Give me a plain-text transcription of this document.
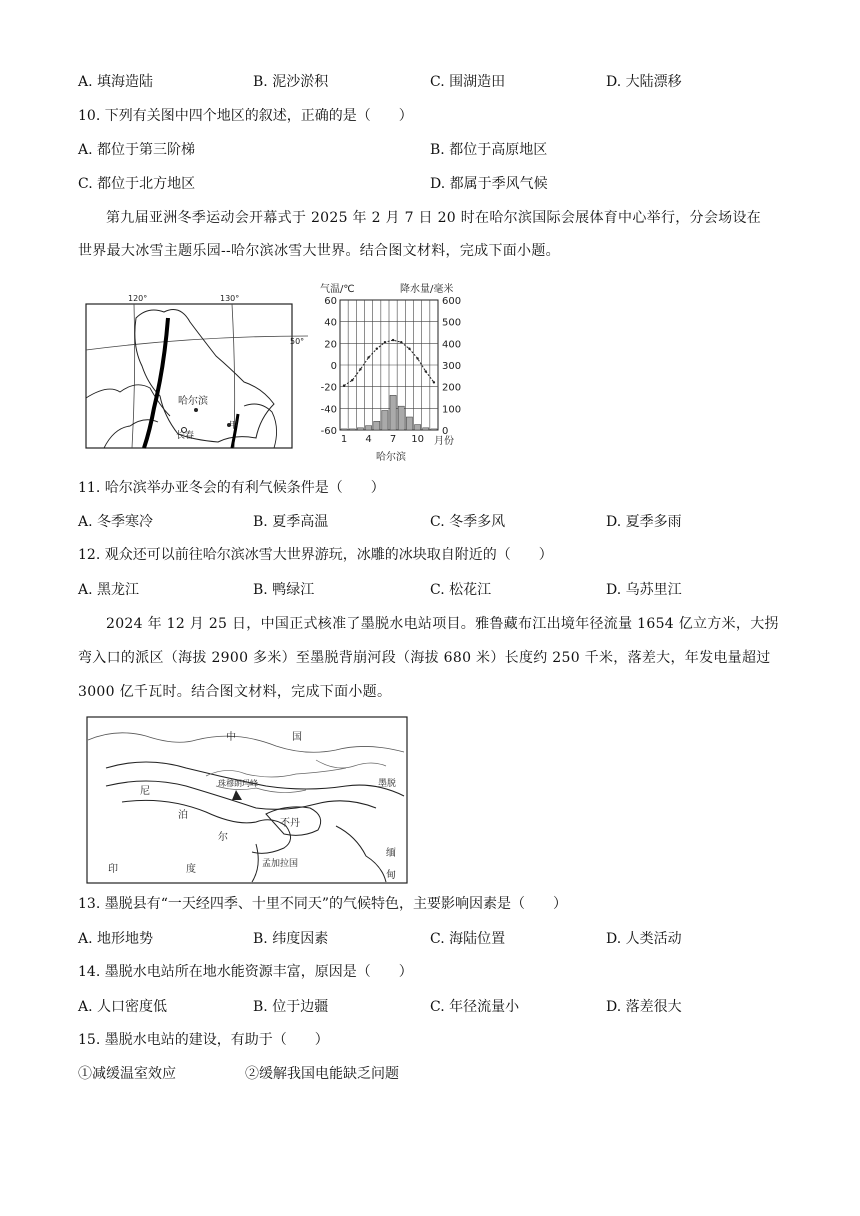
A. 填海造陆	B. 泥沙淤积	C. 围湖造田	D. 大陆漂移
10. 下列有关图中四个地区的叙述，正确的是（　　）
A. 都位于第三阶梯	B. 都位于高原地区
C. 都位于北方地区	D. 都属于季风气候
第九届亚洲冬季运动会开幕式于 2025 年 2 月 7 日 20 时在哈尔滨国际会展体育中心举行，分会场设在
世界最大冰雪主题乐园--哈尔滨冰雪大世界。结合图文材料，完成下面小题。
120°	130°
50°
哈尔滨
长春
甲
气温/℃	降水量/毫米
60	600
40	500
20	400
0	300
-20	200
-40	100
-60	0
1 4 7 10 月份
哈尔滨
11. 哈尔滨举办亚冬会的有利气候条件是（　　）
A. 冬季寒冷	B. 夏季高温	C. 冬季多风	D. 夏季多雨
12. 观众还可以前往哈尔滨冰雪大世界游玩，冰雕的冰块取自附近的（　　）
A. 黑龙江	B. 鸭绿江	C. 松花江	D. 乌苏里江
2024 年 12 月 25 日，中国正式核准了墨脱水电站项目。雅鲁藏布江出境年径流量 1654 亿立方米，大拐
弯入口的派区（海拔 2900 多米）至墨脱背崩河段（海拔 680 米）长度约 250 千米，落差大，年发电量超过
3000 亿千瓦时。结合图文材料，完成下面小题。
珠穆朗玛峰
中	国
尼
泊
尔
不丹
印	度	孟加拉国
缅
甸
墨脱
13. 墨脱县有“一天经四季、十里不同天”的气候特色，主要影响因素是（　　）
A. 地形地势	B. 纬度因素	C. 海陆位置	D. 人类活动
14. 墨脱水电站所在地水能资源丰富，原因是（　　）
A. 人口密度低	B. 位于边疆	C. 年径流量小	D. 落差很大
15. 墨脱水电站的建设，有助于（　　）
①减缓温室效应	②缓解我国电能缺乏问题
